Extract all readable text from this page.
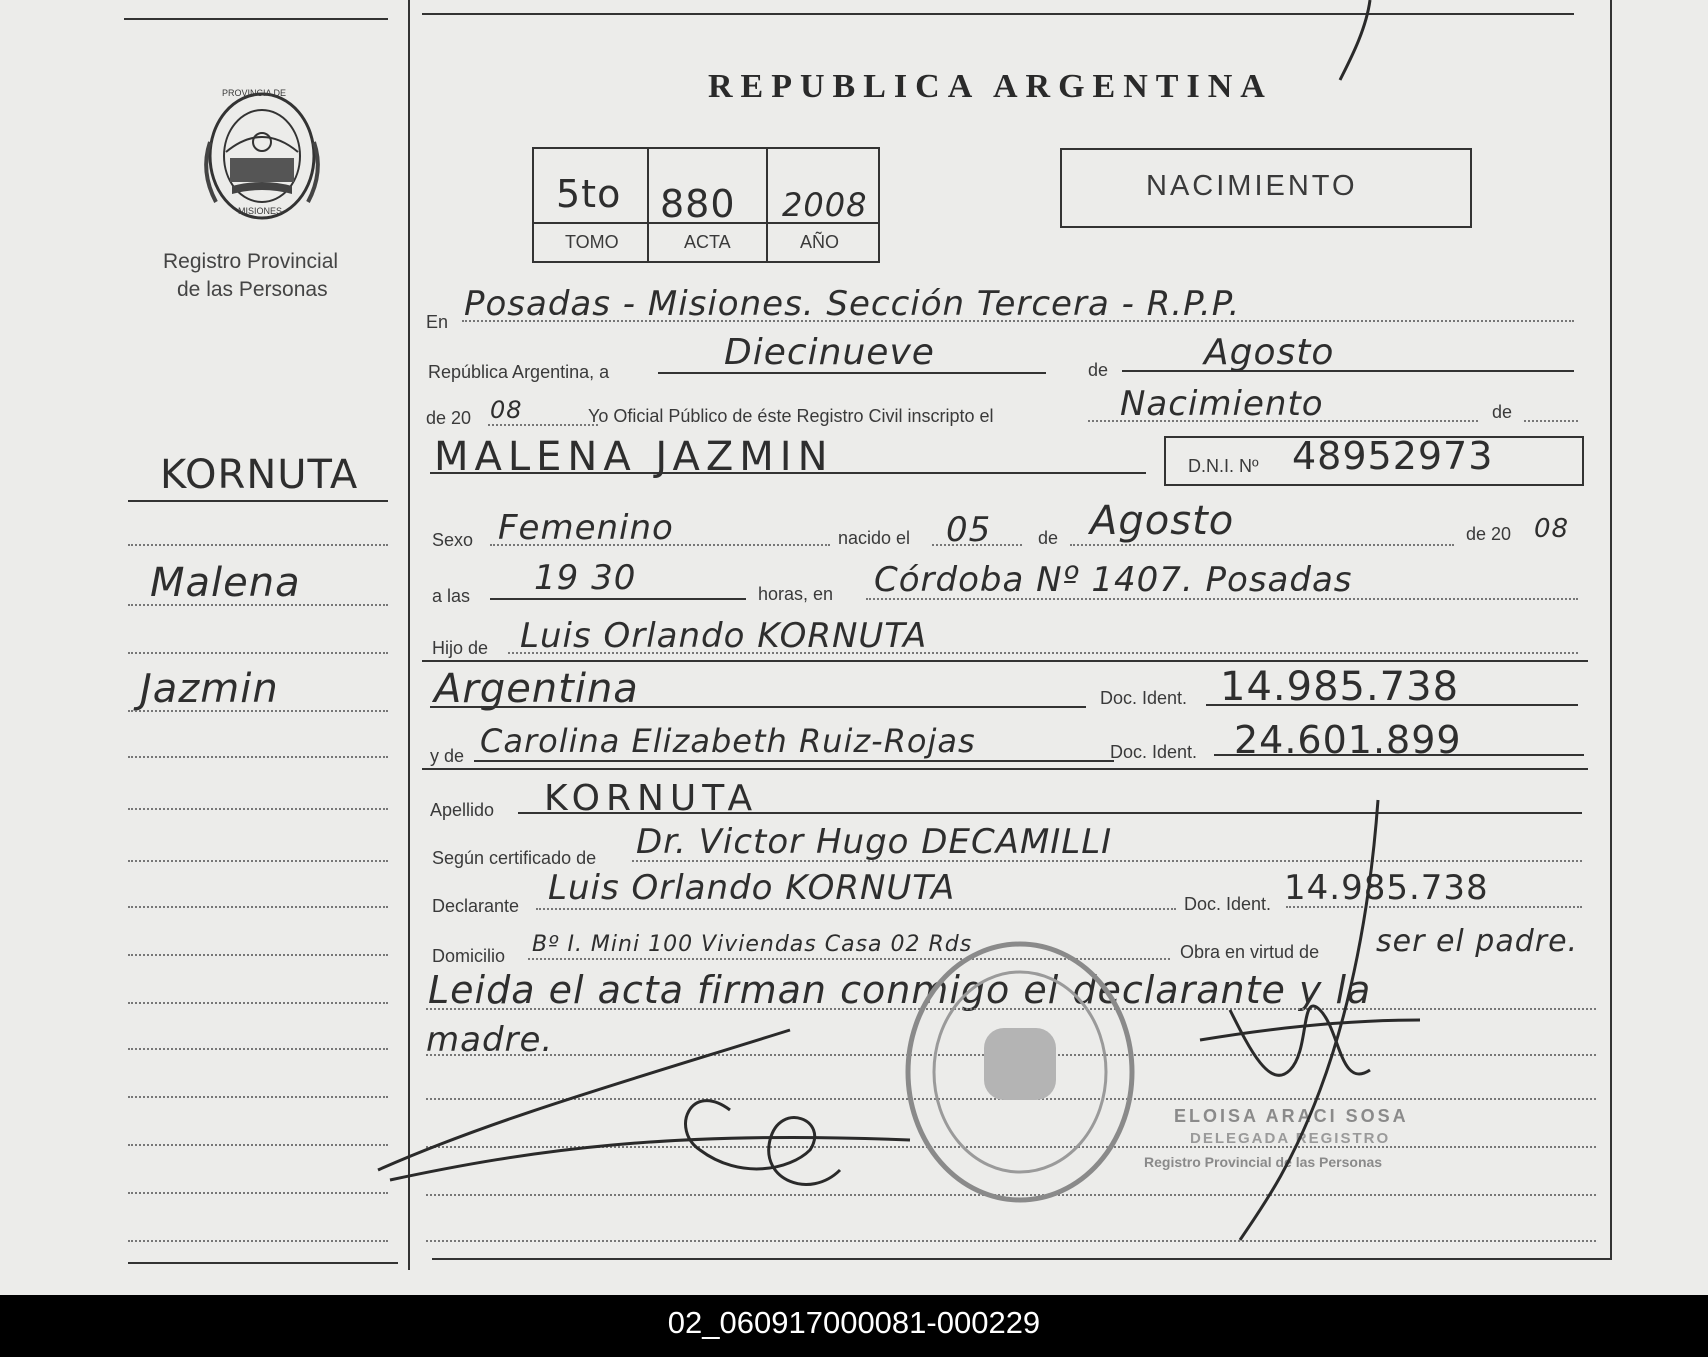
PROVINCIA DE
MISIONES
Registro Provincial
de las Personas
KORNUTA
Malena
Jazmin
REPUBLICA ARGENTINA
NACIMIENTO
5to 880 2008
TOMO	ACTA	AÑO
En Posadas - Misiones. Sección Tercera - R.P.P.
República Argentina, a	Diecinueve	de	Agosto
de 20 08	Yo Oficial Público de éste Registro Civil inscripto el	Nacimiento	de
MALENA JAZMIN	D.N.I. Nº 48952973
Sexo Femenino	nacido el 05	de Agosto	de 20 08
a las 19 30	horas, en Córdoba Nº 1407. Posadas
Hijo de Luis Orlando KORNUTA
Argentina	Doc. Ident. 14.985.738
y de Carolina Elizabeth Ruiz-Rojas	Doc. Ident. 24.601.899
Apellido KORNUTA
Según certificado de Dr. Victor Hugo DECAMILLI
Declarante Luis Orlando KORNUTA	Doc. Ident. 14.985.738
Domicilio Bº I. Mini 100 Viviendas Casa 02 Rds	Obra en virtud de ser el padre.
Leida el acta firman conmigo el declarante y la
madre.
ELOISA ARACI SOSA
DELEGADA REGISTRO
Registro Provincial de las Personas
02_060917000081-000229
